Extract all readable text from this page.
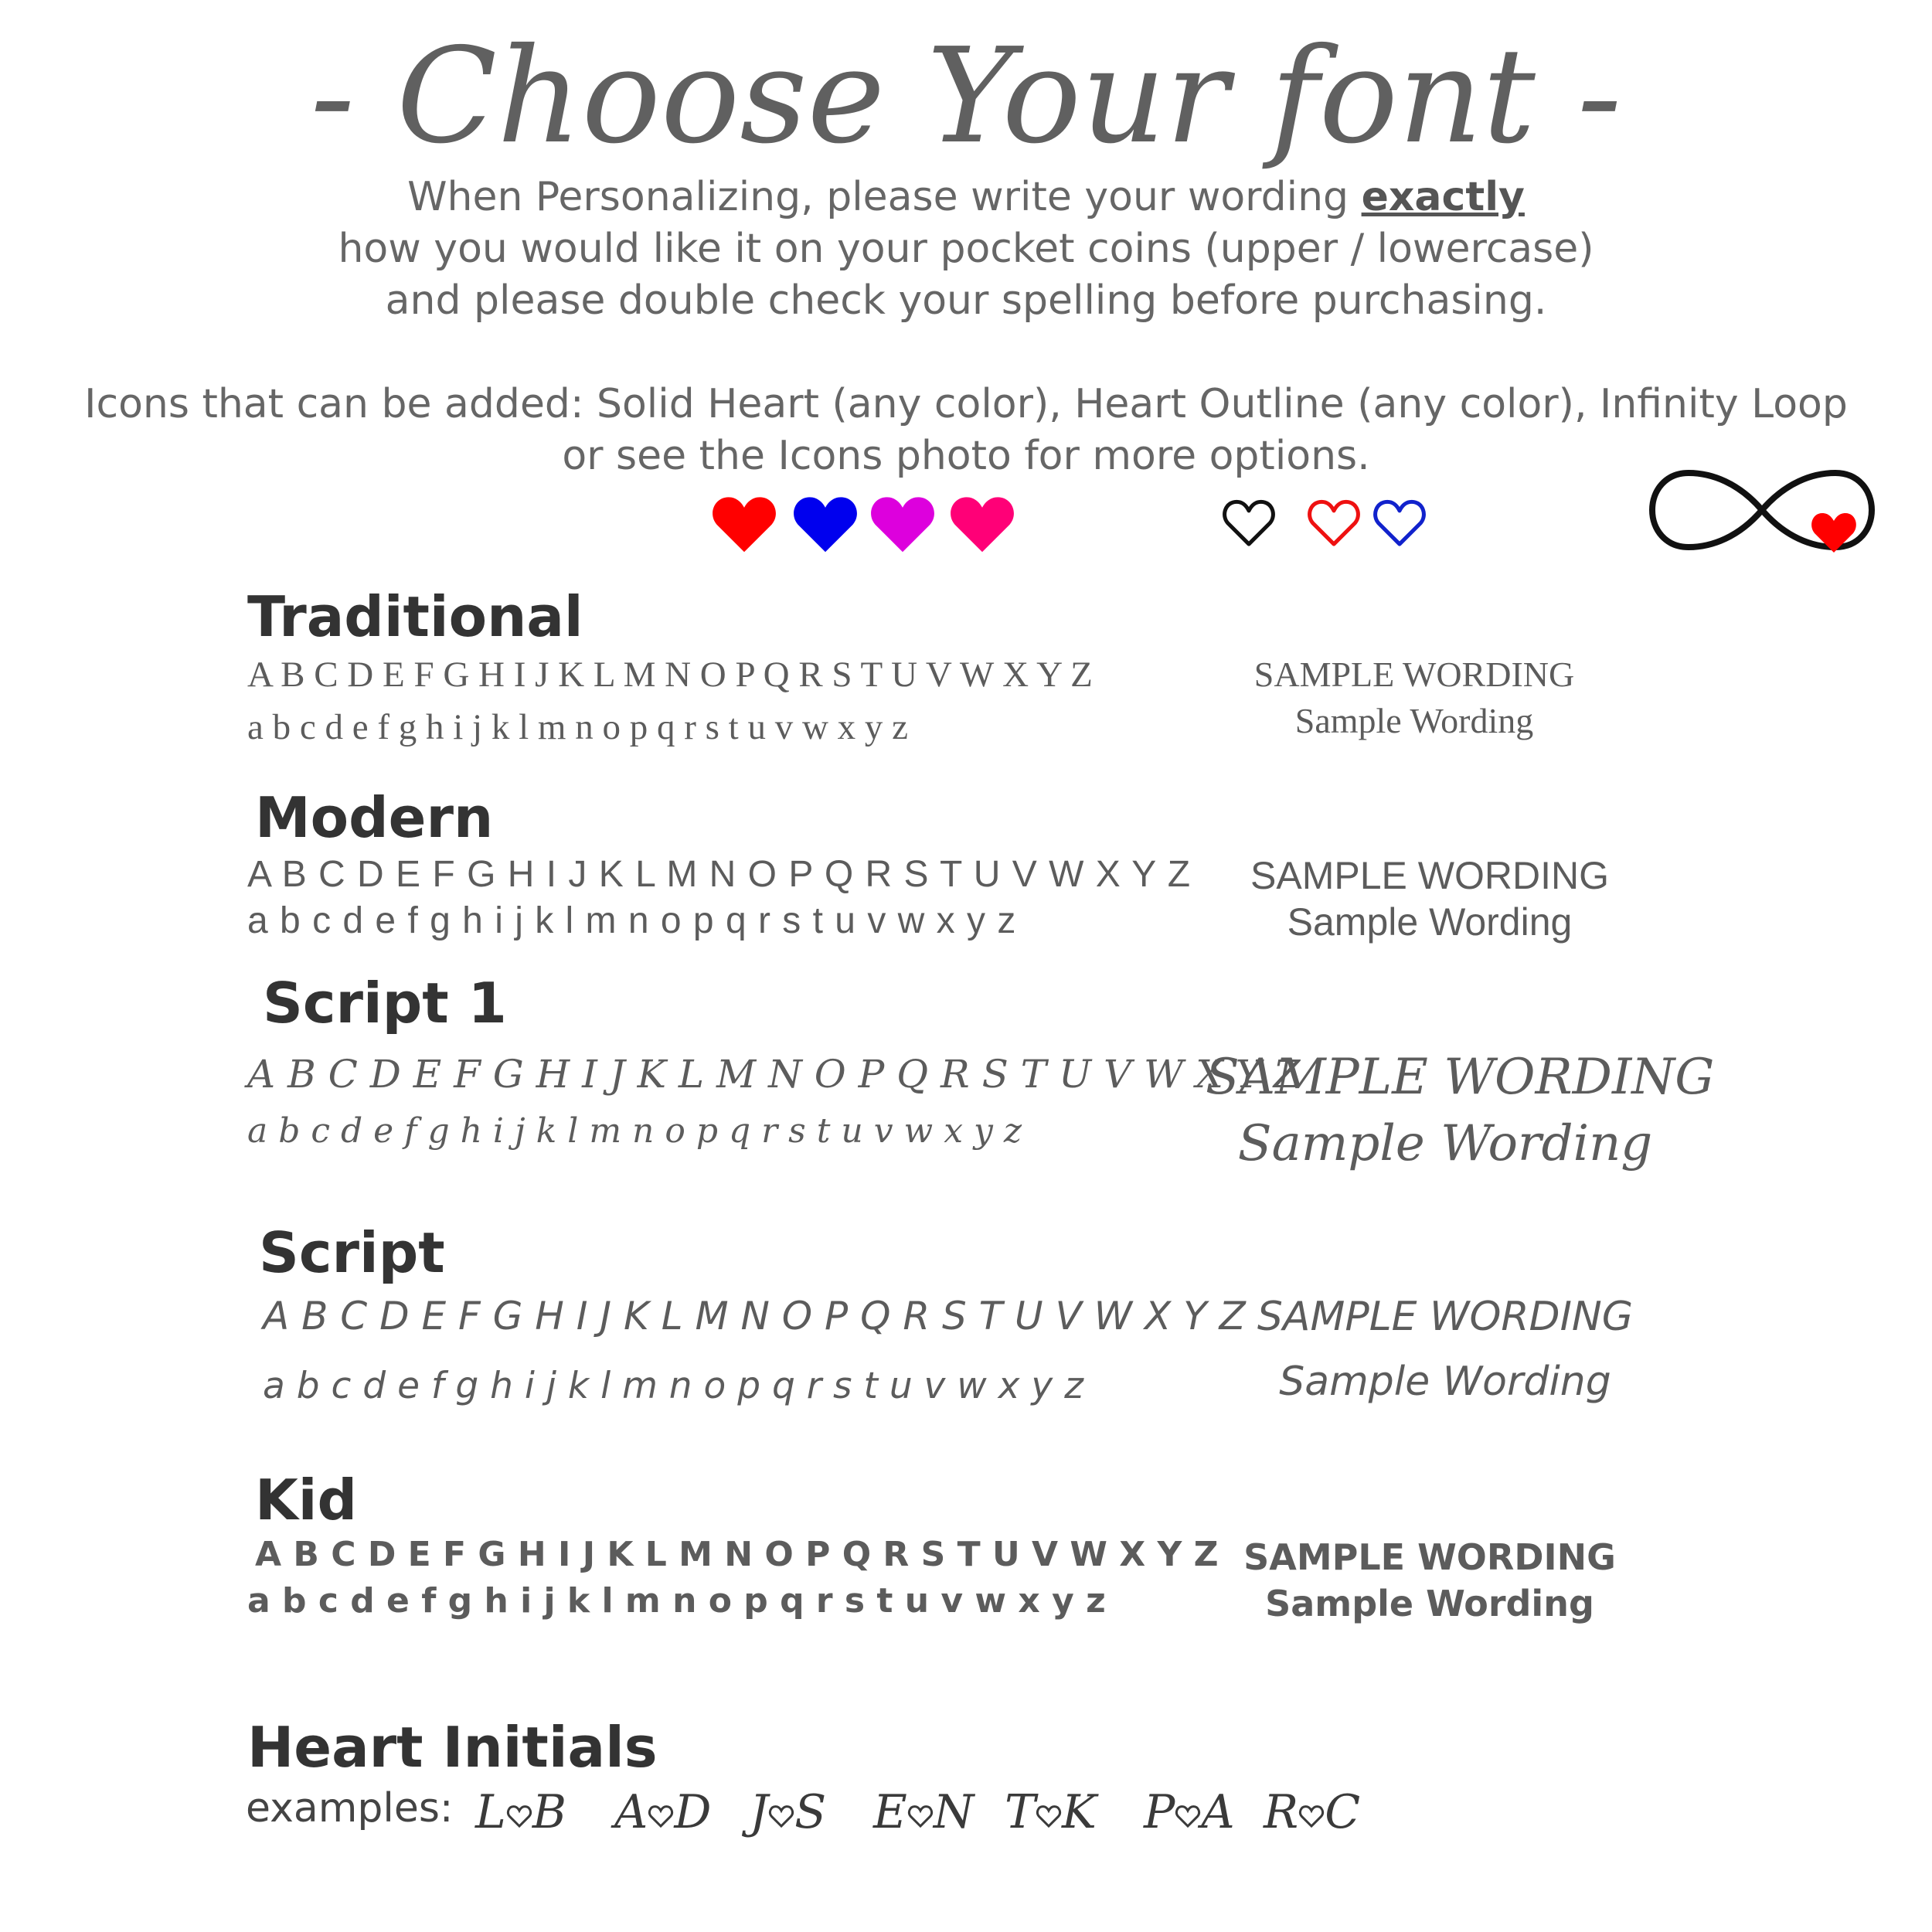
- Choose Your font -

When Personalizing, please write your wording exactly

how you would like it on your pocket coins (upper / lowercase)

and please double check your spelling before purchasing.

Icons that can be added: Solid Heart (any color), Heart Outline (any color), Infinity Loop

or see the Icons photo for more options.

Traditional
A B C D E F G H I J K L M N O P Q R S T U V W X Y Z
a b c d e f g h i j k l m n o p q r s t u v w x y z
SAMPLE WORDING
Sample Wording
Modern
A B C D E F G H I J K L M N O P Q R S T U V W X Y Z
a b c d e f g h i j k l m n o p q r s t u v w x y z
SAMPLE WORDING
Sample Wording
Script 1
A B C D E F G H I J K L M N O P Q R S T U V W X Y Z
a b c d e f g h i j k l m n o p q r s t u v w x y z
SAMPLE WORDING
Sample Wording
Script
A B C D E F G H I J K L M N O P Q R S T U V W X Y Z
a b c d e f g h i j k l m n o p q r s t u v w x y z
SAMPLE WORDING
Sample Wording
Kid
A B C D E F G H I J K L M N O P Q R S T U V W X Y Z
a b c d e f g h i j k l m n o p q r s t u v w x y z
SAMPLE WORDING
Sample Wording
Heart Initials
examples: L B A D J S E N T K P A R C
